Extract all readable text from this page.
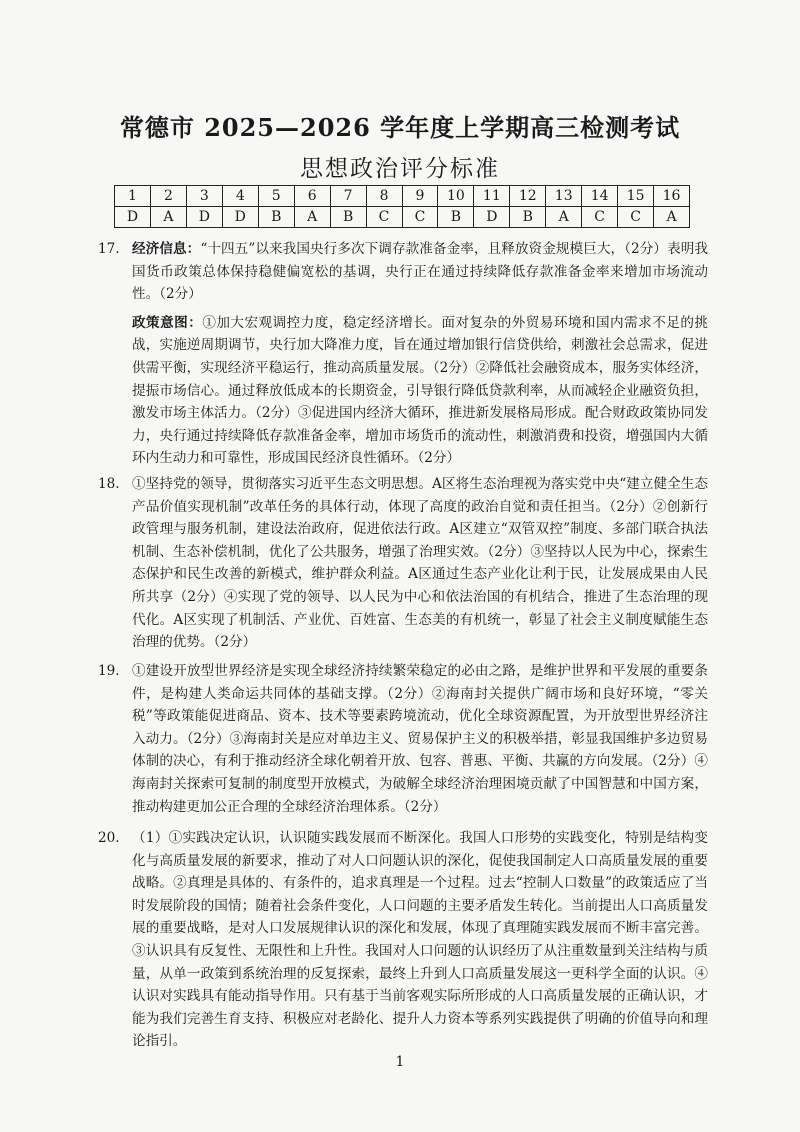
常德市 2025—2026 学年度上学期高三检测考试
思想政治评分标准
1	2	3	4	5	6	7	8	9	10	11	12	13	14	15	16
D	A	D	D	B	A	B	C	C	B	D	B	A	C	C	A
17. 经济信息：“十四五”以来我国央行多次下调存款准备金率，且释放资金规模巨大，（2分）表明我国货币政策总体保持稳健偏宽松的基调，央行正在通过持续降低存款准备金率来增加市场流动性。（2分）

政策意图：①加大宏观调控力度，稳定经济增长。面对复杂的外贸易环境和国内需求不足的挑战，实施逆周期调节，央行加大降准力度，旨在通过增加银行信贷供给，刺激社会总需求，促进供需平衡，实现经济平稳运行，推动高质量发展。（2分）②降低社会融资成本，服务实体经济，提振市场信心。通过释放低成本的长期资金，引导银行降低贷款利率，从而减轻企业融资负担，激发市场主体活力。（2分）③促进国内经济大循环，推进新发展格局形成。配合财政政策协同发力，央行通过持续降低存款准备金率，增加市场货币的流动性，刺激消费和投资，增强国内大循环内生动力和可靠性，形成国民经济良性循环。（2分）

18. ①坚持党的领导，贯彻落实习近平生态文明思想。A区将生态治理视为落实党中央“建立健全生态产品价值实现机制”改革任务的具体行动，体现了高度的政治自觉和责任担当。（2分）②创新行政管理与服务机制，建设法治政府，促进依法行政。A区建立“双管双控”制度、多部门联合执法机制、生态补偿机制，优化了公共服务，增强了治理实效。（2分）③坚持以人民为中心，探索生态保护和民生改善的新模式，维护群众利益。A区通过生态产业化让利于民，让发展成果由人民所共享（2分）④实现了党的领导、以人民为中心和依法治国的有机结合，推进了生态治理的现代化。A区实现了机制活、产业优、百姓富、生态美的有机统一，彰显了社会主义制度赋能生态治理的优势。（2分）

19. ①建设开放型世界经济是实现全球经济持续繁荣稳定的必由之路，是维护世界和平发展的重要条件，是构建人类命运共同体的基础支撑。（2分）②海南封关提供广阔市场和良好环境，“零关税”等政策能促进商品、资本、技术等要素跨境流动，优化全球资源配置，为开放型世界经济注入动力。（2分）③海南封关是应对单边主义、贸易保护主义的积极举措，彰显我国维护多边贸易体制的决心，有利于推动经济全球化朝着开放、包容、普惠、平衡、共赢的方向发展。（2分）④海南封关探索可复制的制度型开放模式，为破解全球经济治理困境贡献了中国智慧和中国方案，推动构建更加公正合理的全球经济治理体系。（2分）

20. （1）①实践决定认识，认识随实践发展而不断深化。我国人口形势的实践变化，特别是结构变化与高质量发展的新要求，推动了对人口问题认识的深化，促使我国制定人口高质量发展的重要战略。②真理是具体的、有条件的，追求真理是一个过程。过去“控制人口数量”的政策适应了当时发展阶段的国情；随着社会条件变化，人口问题的主要矛盾发生转化。当前提出人口高质量发展的重要战略，是对人口发展规律认识的深化和发展，体现了真理随实践发展而不断丰富完善。③认识具有反复性、无限性和上升性。我国对人口问题的认识经历了从注重数量到关注结构与质量，从单一政策到系统治理的反复探索，最终上升到人口高质量发展这一更科学全面的认识。④认识对实践具有能动指导作用。只有基于当前客观实际所形成的人口高质量发展的正确认识，才能为我们完善生育支持、积极应对老龄化、提升人力资本等系列实践提供了明确的价值导向和理论指引。

1
